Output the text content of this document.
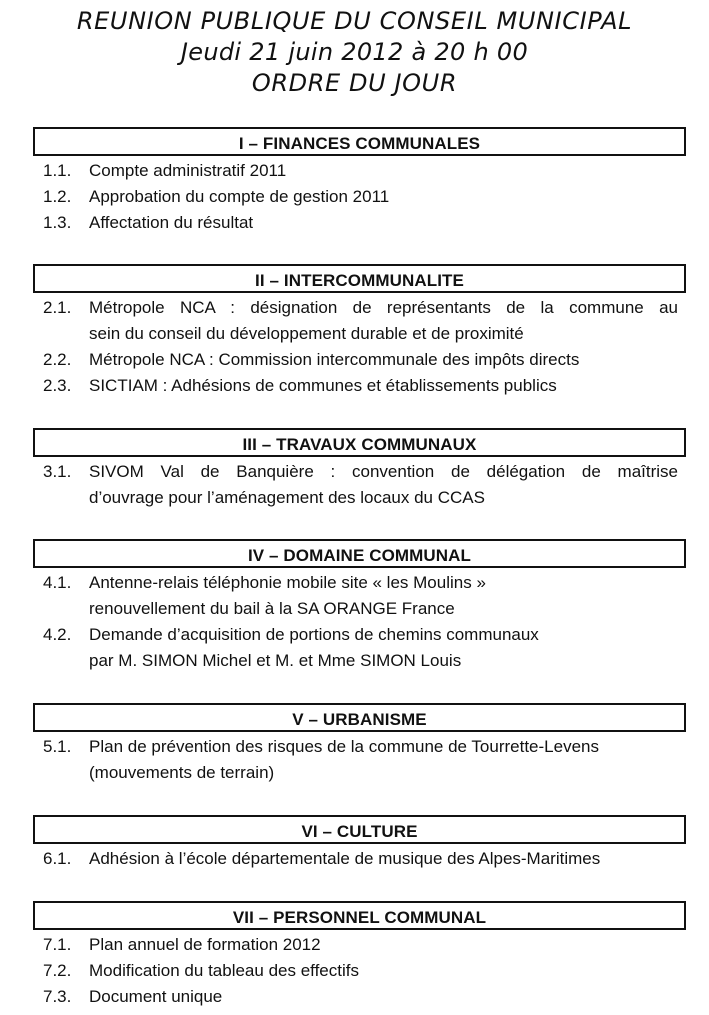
REUNION PUBLIQUE DU CONSEIL MUNICIPAL
Jeudi 21 juin 2012 à 20 h 00
ORDRE DU JOUR
I – FINANCES COMMUNALES
1.1.	Compte administratif 2011
1.2.	Approbation du compte de gestion 2011
1.3.	Affectation du résultat
II – INTERCOMMUNALITE
2.1.	Métropole NCA : désignation de représentants de la commune au
sein du conseil du développement durable et de proximité
2.2.	Métropole NCA : Commission intercommunale des impôts directs
2.3.	SICTIAM : Adhésions de communes et établissements publics
III – TRAVAUX COMMUNAUX
3.1.	SIVOM Val de Banquière : convention de délégation de maîtrise
d’ouvrage pour l’aménagement des locaux du CCAS
IV – DOMAINE COMMUNAL
4.1.	Antenne-relais téléphonie mobile site « les Moulins »
renouvellement du bail à la SA ORANGE France
4.2.	Demande d’acquisition de portions de chemins communaux
par M. SIMON Michel et M. et Mme SIMON Louis
V – URBANISME
5.1.	Plan de prévention des risques de la commune de Tourrette-Levens
(mouvements de terrain)
VI – CULTURE
6.1.	Adhésion à l’école départementale de musique des Alpes-Maritimes
VII – PERSONNEL COMMUNAL
7.1.	Plan annuel de formation 2012
7.2.	Modification du tableau des effectifs
7.3.	Document unique
